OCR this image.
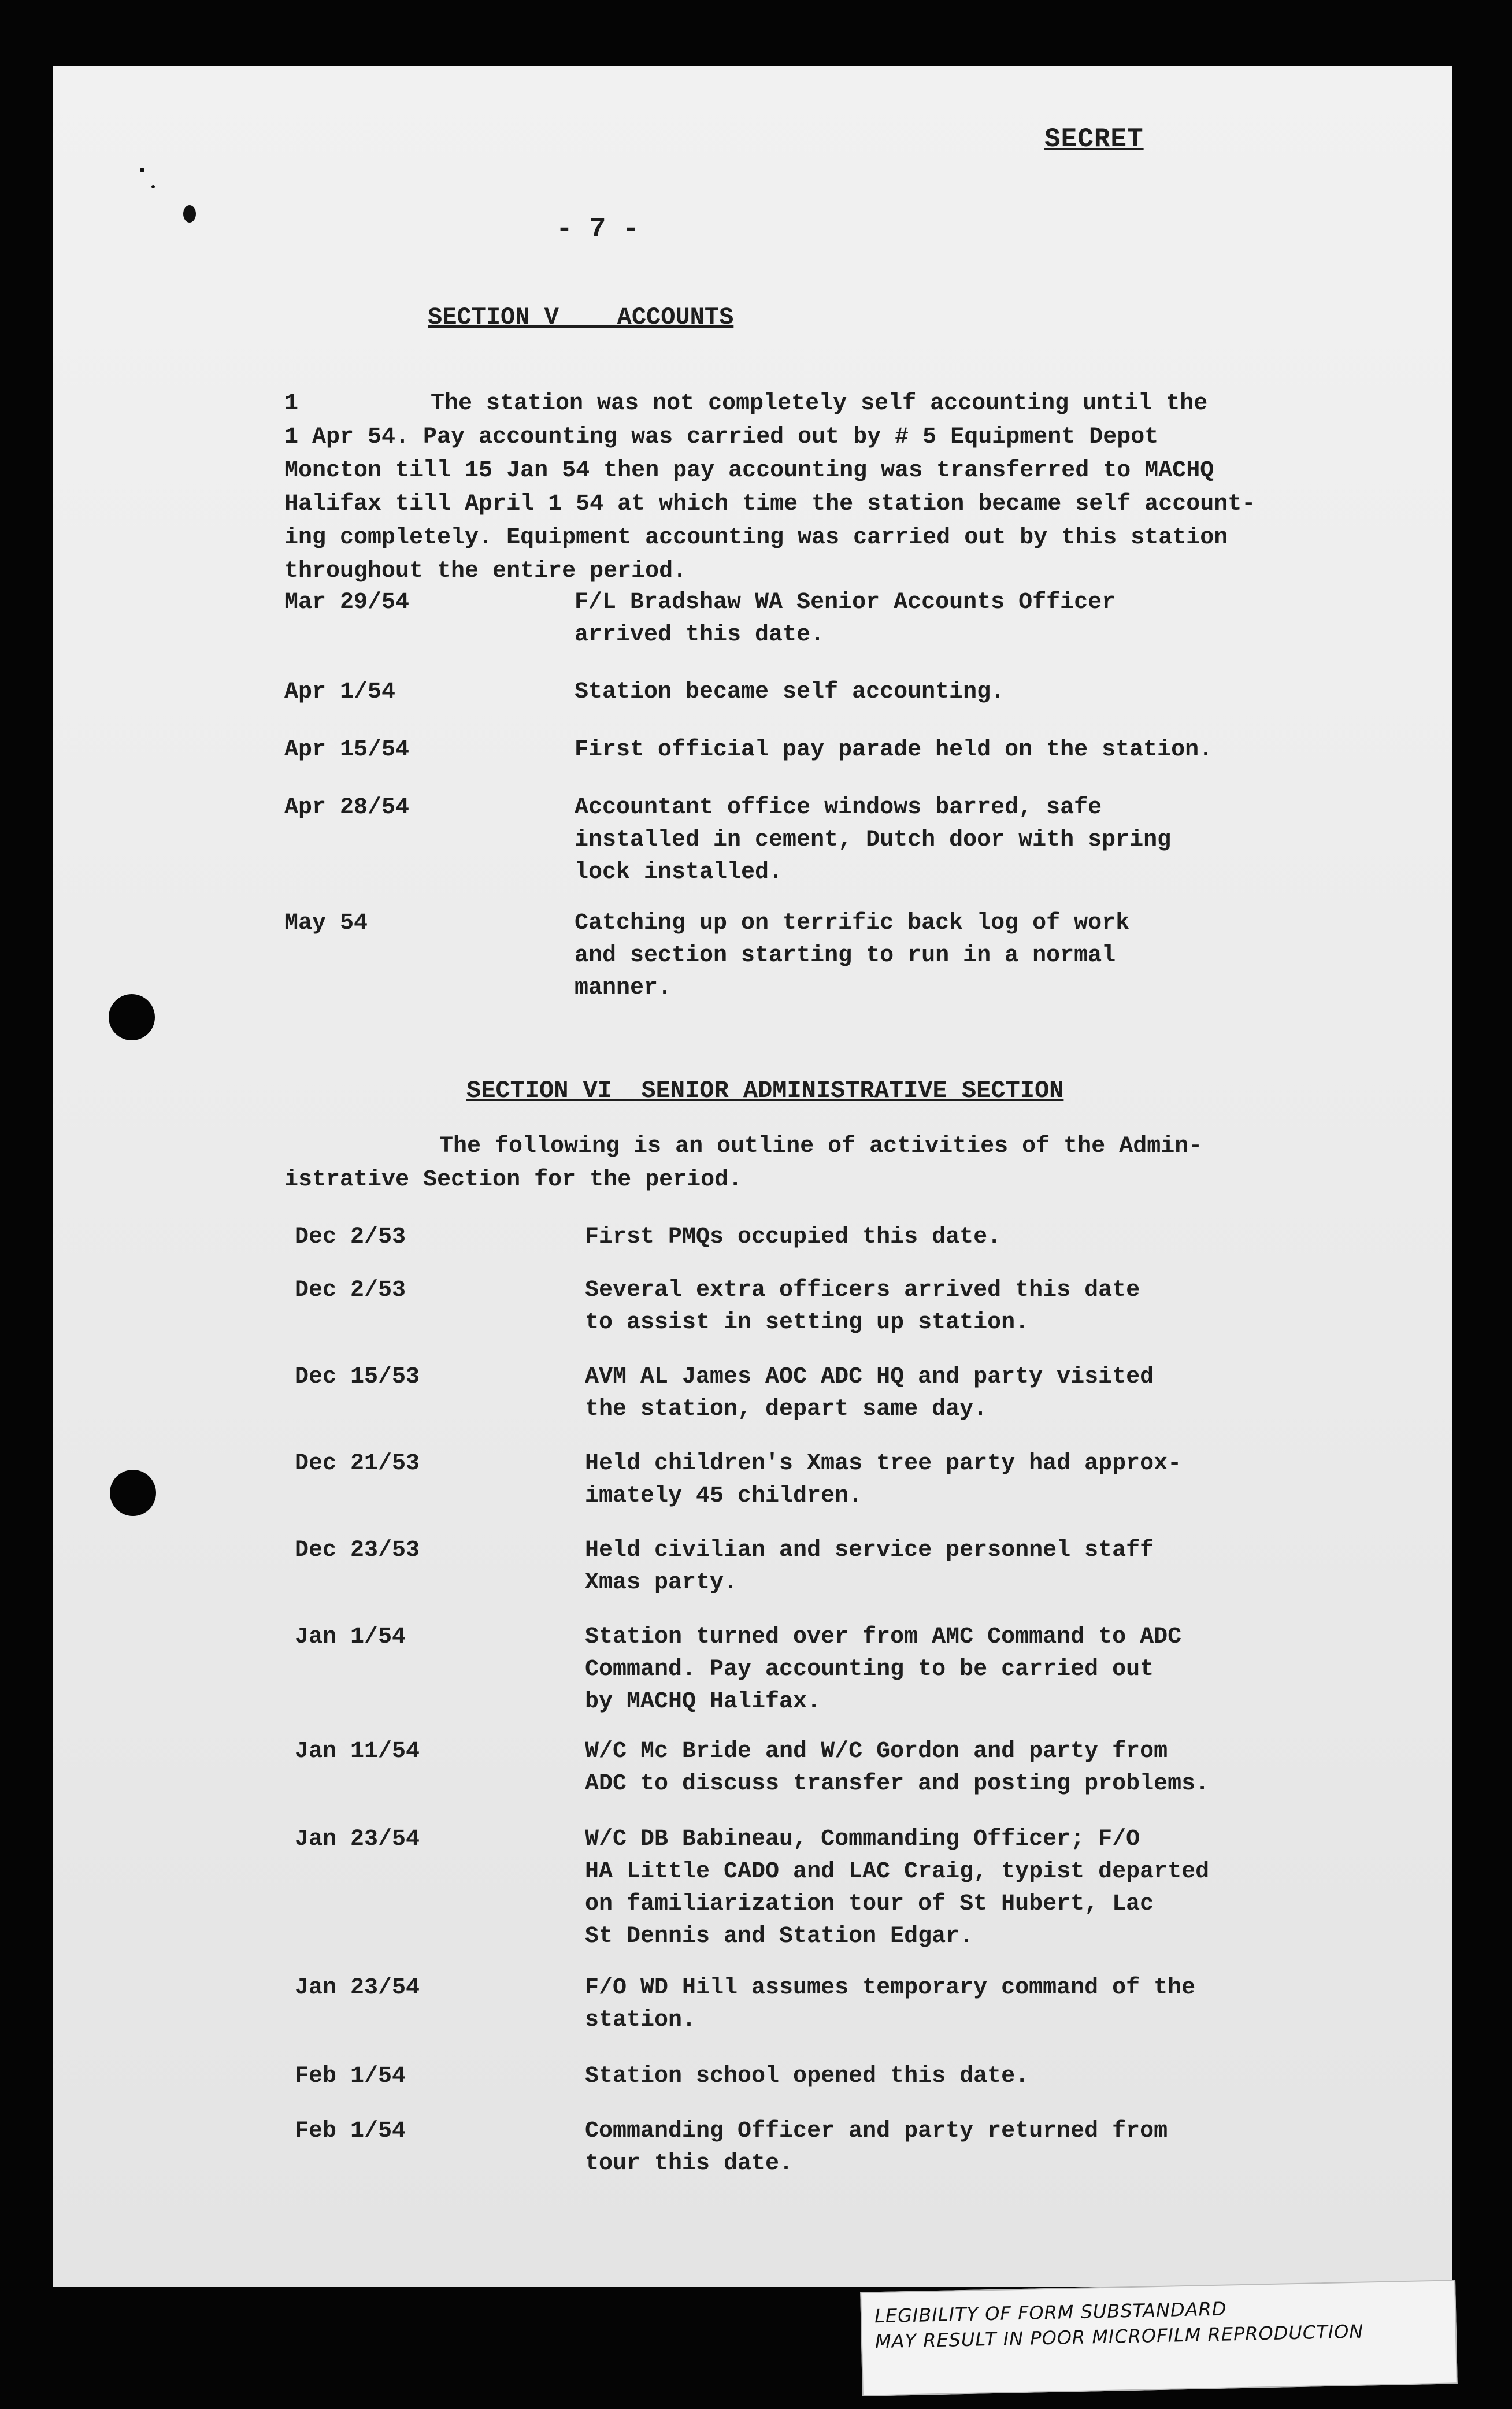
SECRET
- 7 -
SECTION V    ACCOUNTS
1	The station was not completely self accounting until the
1 Apr 54. Pay accounting was carried out by # 5 Equipment Depot
Moncton till 15 Jan 54 then pay accounting was transferred to MACHQ
Halifax till April 1 54 at which time the station became self account-
ing completely. Equipment accounting was carried out by this station
throughout the entire period.
Mar 29/54	F/L Bradshaw WA Senior Accounts Officer
arrived this date.
Apr 1/54	Station became self accounting.
Apr 15/54	First official pay parade held on the station.
Apr 28/54	Accountant office windows barred, safe
installed in cement, Dutch door with spring
lock installed.
May 54	Catching up on terrific back log of work
and section starting to run in a normal
manner.
SECTION VI  SENIOR ADMINISTRATIVE SECTION
The following is an outline of activities of the Admin-
istrative Section for the period.
Dec 2/53	First PMQs occupied this date.
Dec 2/53	Several extra officers arrived this date
to assist in setting up station.
Dec 15/53	AVM AL James AOC ADC HQ and party visited
the station, depart same day.
Dec 21/53	Held children's Xmas tree party had approx-
imately 45 children.
Dec 23/53	Held civilian and service personnel staff
Xmas party.
Jan 1/54	Station turned over from AMC Command to ADC
Command. Pay accounting to be carried out
by MACHQ Halifax.
Jan 11/54	W/C Mc Bride and W/C Gordon and party from
ADC to discuss transfer and posting problems.
Jan 23/54	W/C DB Babineau, Commanding Officer; F/O
HA Little CADO and LAC Craig, typist departed
on familiarization tour of St Hubert, Lac
St Dennis and Station Edgar.
Jan 23/54	F/O WD Hill assumes temporary command of the
station.
Feb 1/54	Station school opened this date.
Feb 1/54	Commanding Officer and party returned from
tour this date.
LEGIBILITY OF FORM SUBSTANDARD
MAY RESULT IN POOR MICROFILM REPRODUCTION
